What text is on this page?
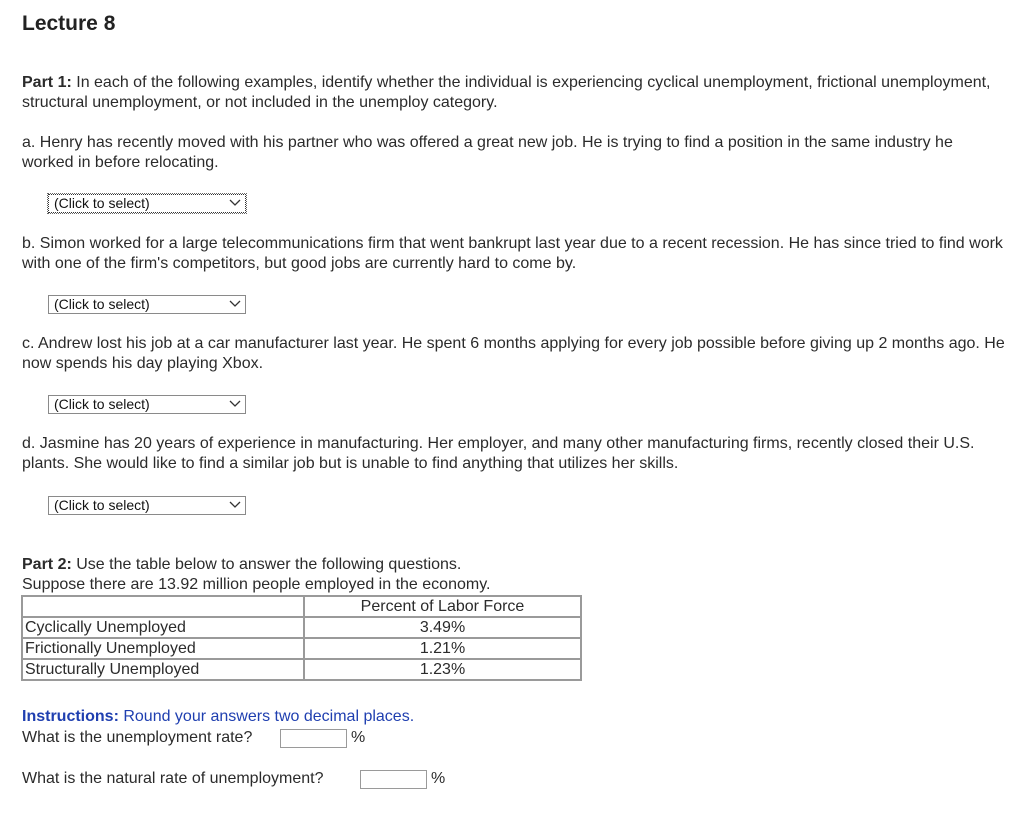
Lecture 8
Part 1: In each of the following examples, identify whether the individual is experiencing cyclical unemployment, frictional unemployment, structural unemployment, or not included in the unemploy category.
a. Henry has recently moved with his partner who was offered a great new job. He is trying to find a position in the same industry he worked in before relocating.
(Click to select)
b. Simon worked for a large telecommunications firm that went bankrupt last year due to a recent recession. He has since tried to find work with one of the firm's competitors, but good jobs are currently hard to come by.
(Click to select)
c. Andrew lost his job at a car manufacturer last year. He spent 6 months applying for every job possible before giving up 2 months ago. He now spends his day playing Xbox.
(Click to select)
d. Jasmine has 20 years of experience in manufacturing. Her employer, and many other manufacturing firms, recently closed their U.S. plants. She would like to find a similar job but is unable to find anything that utilizes her skills.
(Click to select)
Part 2: Use the table below to answer the following questions.
Suppose there are 13.92 million people employed in the economy.
	Percent of Labor Force
Cyclically Unemployed	3.49%
Frictionally Unemployed	1.21%
Structurally Unemployed	1.23%
Instructions: Round your answers two decimal places.
What is the unemployment rate?	%
What is the natural rate of unemployment?	%
